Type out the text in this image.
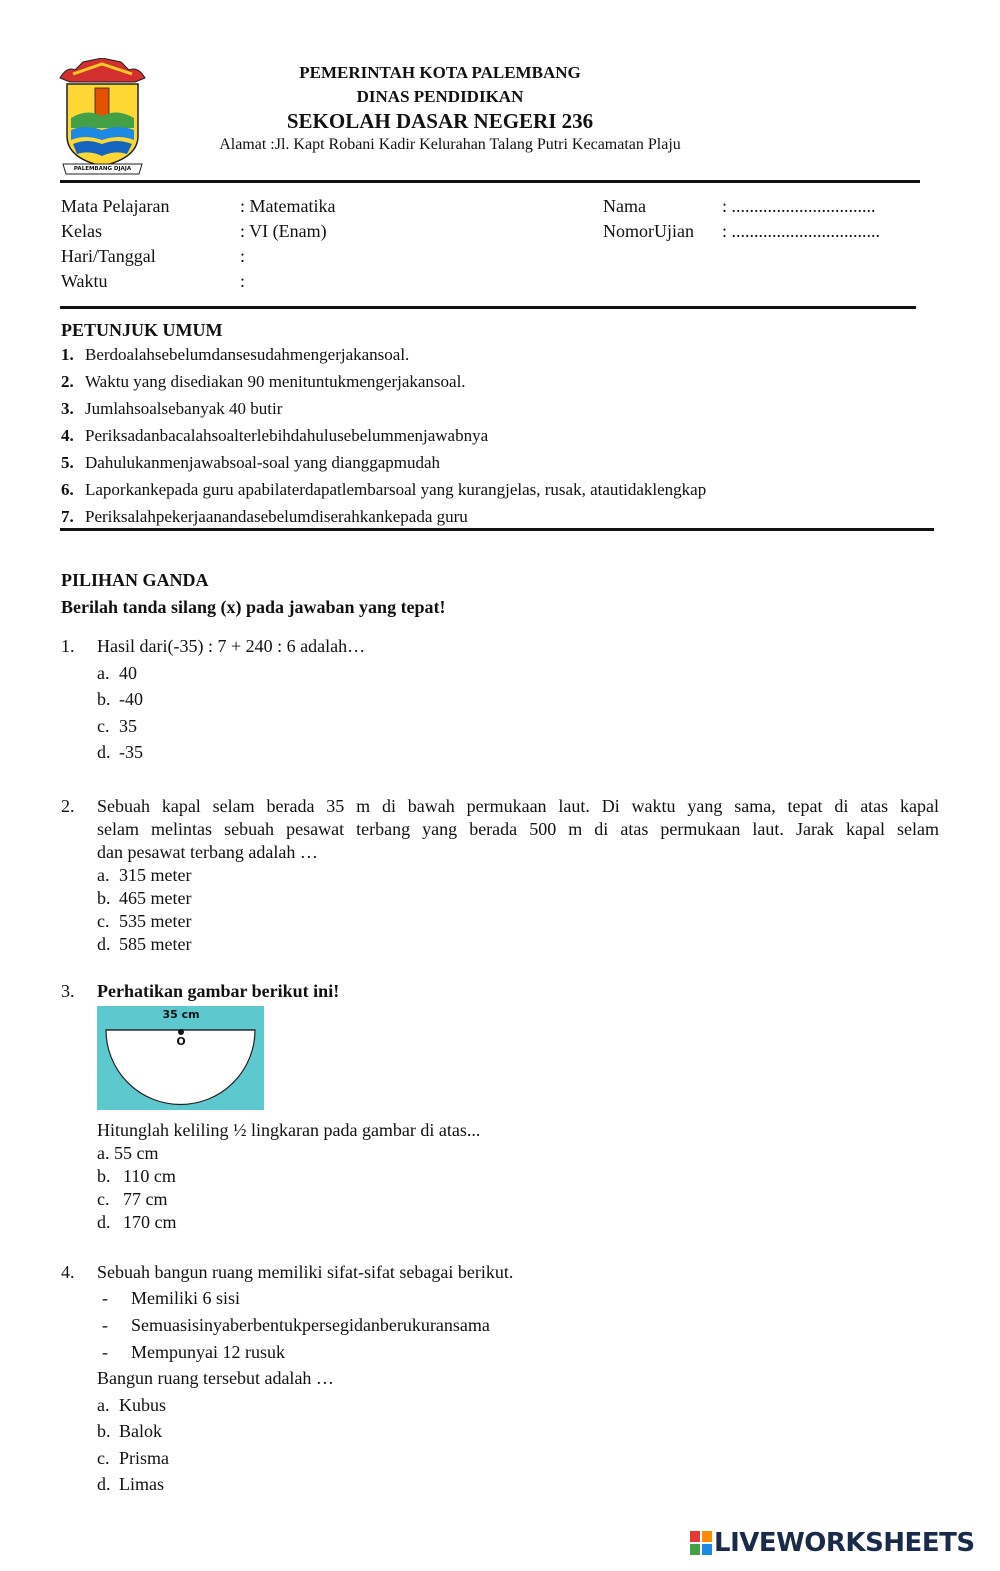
PALEMBANG DJAJA
PEMERINTAH KOTA PALEMBANG
DINAS PENDIDIKAN
SEKOLAH DASAR NEGERI 236
Alamat :Jl. Kapt Robani Kadir Kelurahan Talang Putri Kecamatan Plaju
Mata Pelajaran	: Matematika
Kelas	: VI (Enam)
Hari/Tanggal	:
Waktu	:
Nama	: ................................
NomorUjian : .................................
PETUNJUK UMUM
1. Berdoalahsebelumdansesudahmengerjakansoal.
2. Waktu yang disediakan 90 menituntukmengerjakansoal.
3. Jumlahsoalsebanyak 40 butir
4. Periksadanbacalahsoalterlebihdahulusebelummenjawabnya
5. Dahulukanmenjawabsoal-soal yang dianggapmudah
6. Laporkankepada guru apabilaterdapatlembarsoal yang kurangjelas, rusak, atautidaklengkap
7. Periksalahpekerjaanandasebelumdiserahkankepada guru
PILIHAN GANDA
Berilah tanda silang (x) pada jawaban yang tepat!
1. Hasil dari(-35) : 7 + 240 : 6 adalah…
a. 40
b. -40
c. 35
d. -35
2. Sebuah kapal selam berada 35 m di bawah permukaan laut. Di waktu yang sama, tepat di atas kapal
selam melintas sebuah pesawat terbang yang berada 500 m di atas permukaan laut. Jarak kapal selam
dan pesawat terbang adalah …
a. 315 meter
b. 465 meter
c. 535 meter
d. 585 meter
3. Perhatikan gambar berikut ini!
35 cm
O
Hitunglah keliling ½ lingkaran pada gambar di atas...
a. 55 cm
b. 110 cm
c. 77 cm
d. 170 cm
4. Sebuah bangun ruang memiliki sifat-sifat sebagai berikut.
- Memiliki 6 sisi
- Semuasisinyaberbentukpersegidanberukuransama
- Mempunyai 12 rusuk
Bangun ruang tersebut adalah …
a. Kubus
b. Balok
c. Prisma
d. Limas
LIVEWORKSHEETS
